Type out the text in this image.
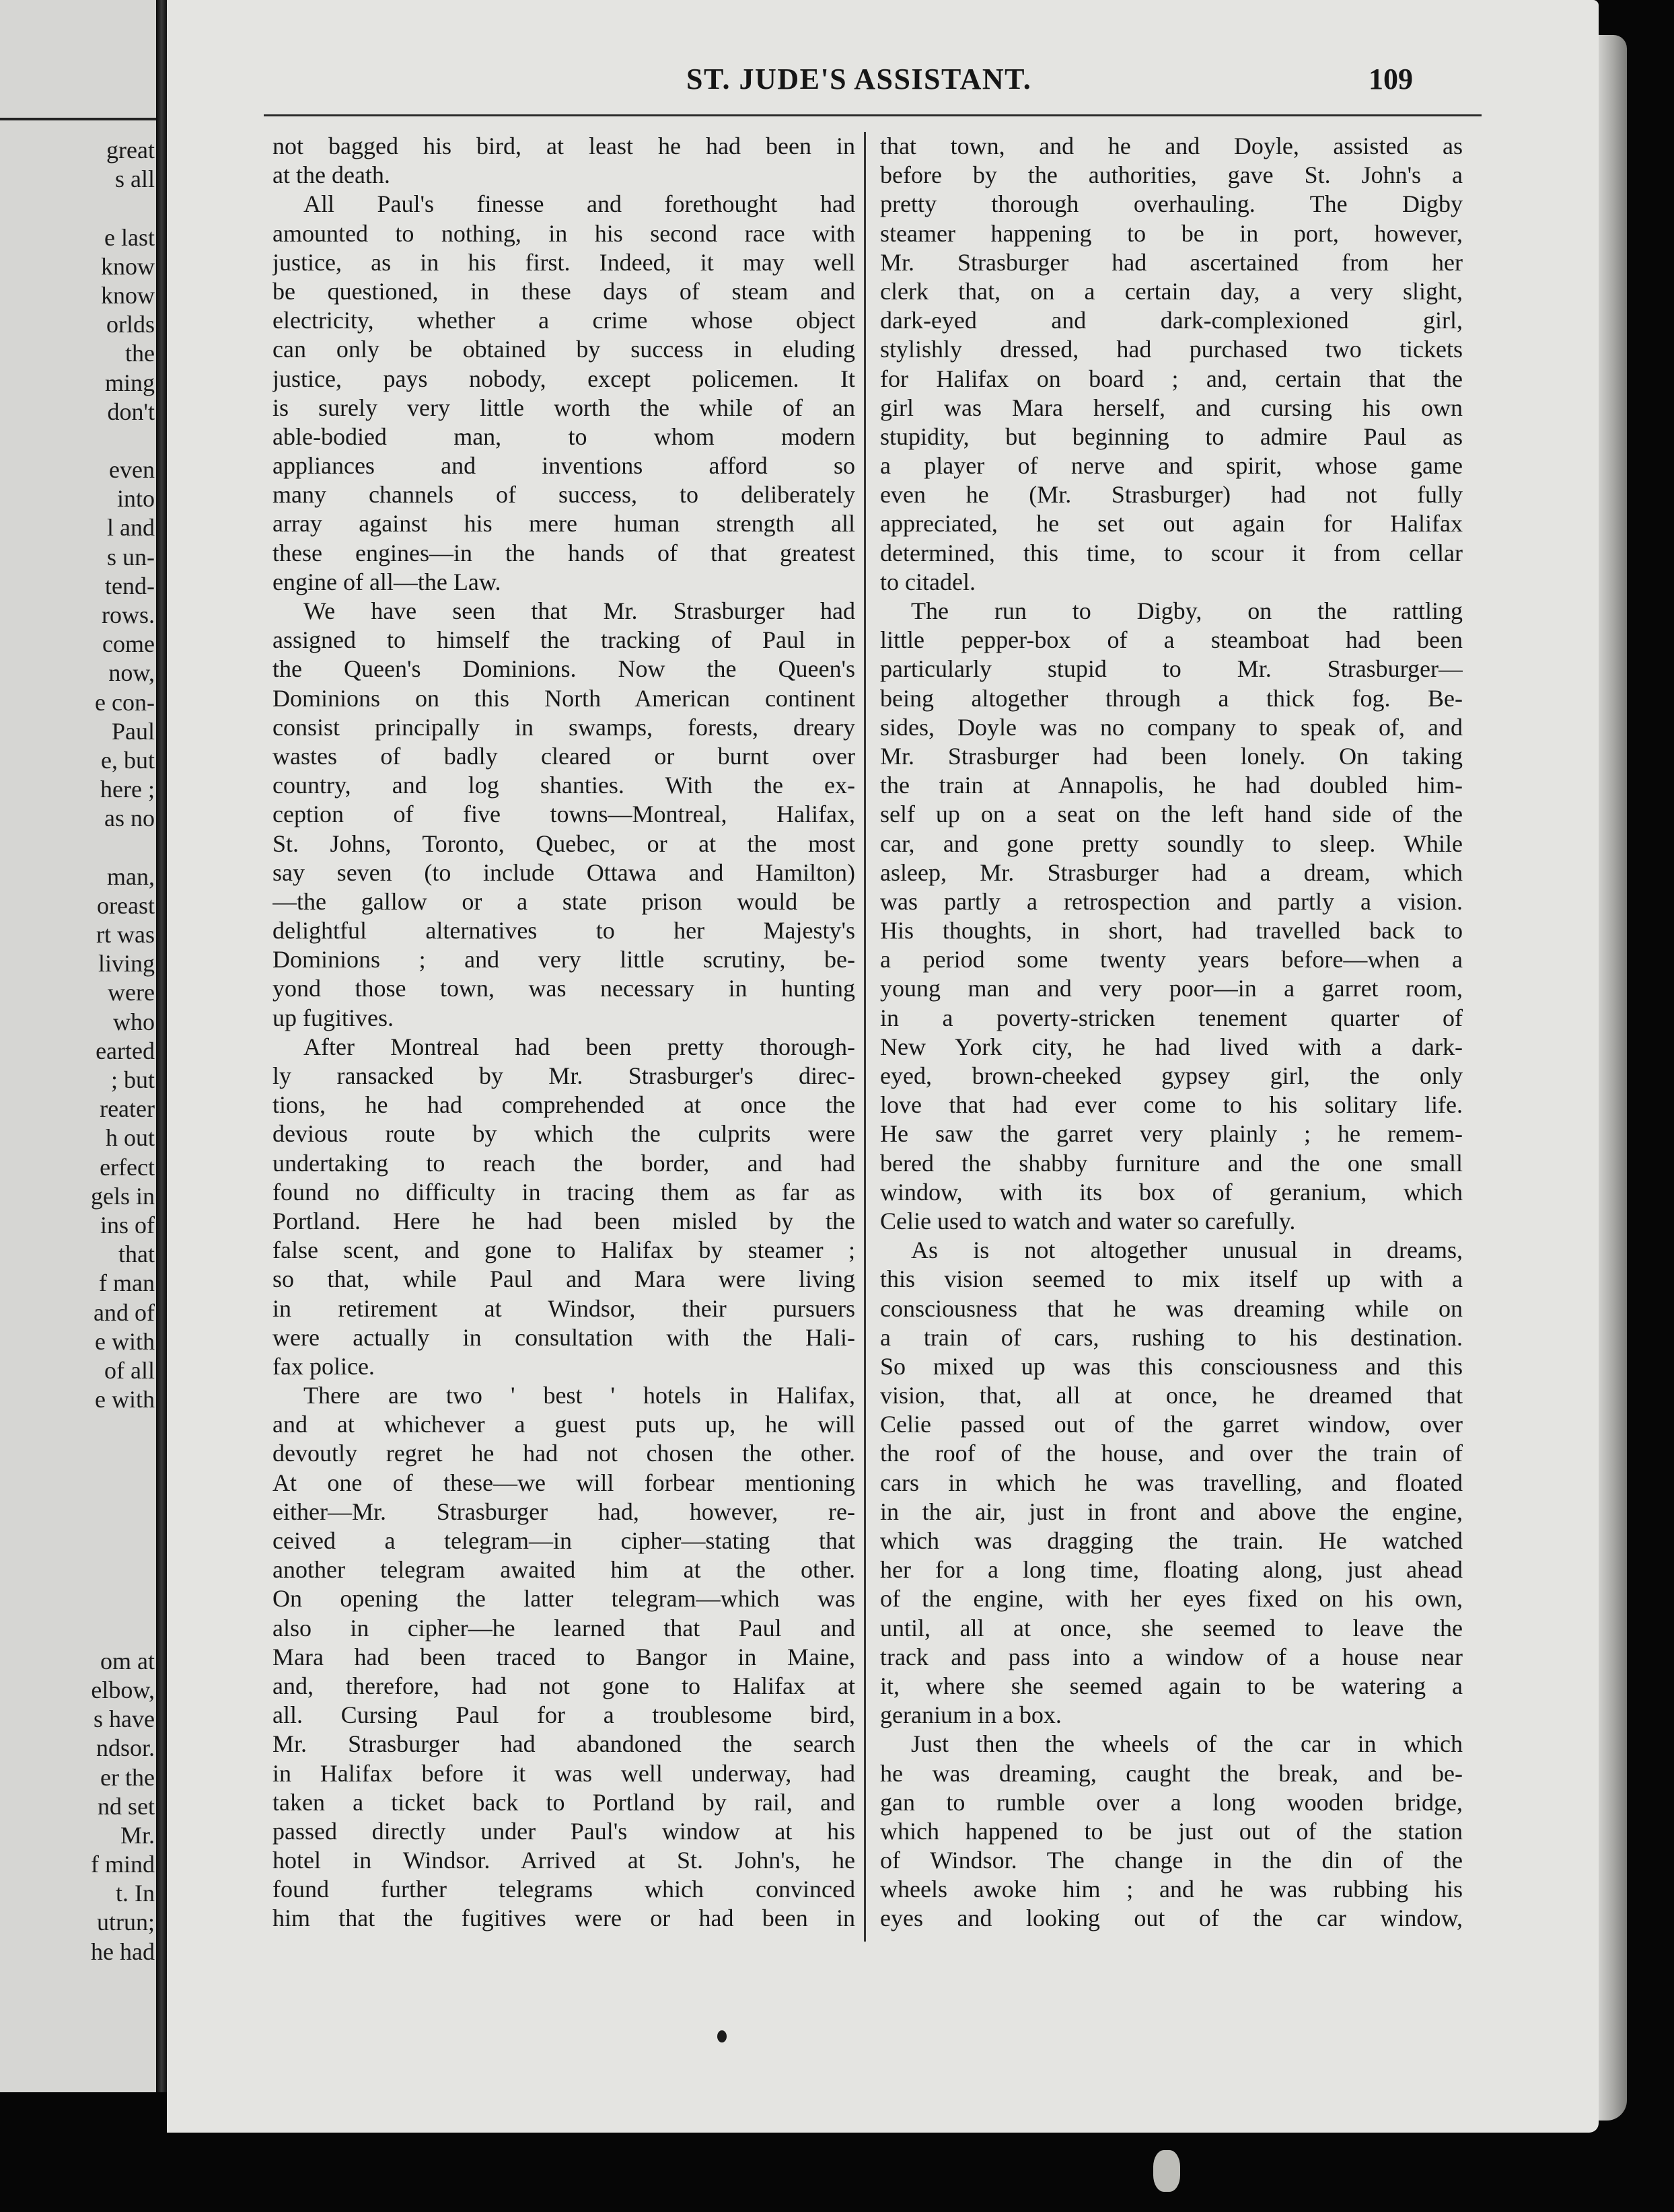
great
s all
e last
know
know
orlds
the
ming
don't
even
into
l and
s un-
tend-
rows.
come
now,
e con-
Paul
e, but
here ;
as no
man,
oreast
rt was
living
were
who
earted
; but
reater
h out
erfect
gels in
ins of
that
f man
and of
e with
of all
e with
om at
elbow,
s have
ndsor.
er the
nd set
Mr.
f mind
t. In
utrun;
he had
ST. JUDE'S ASSISTANT.	109
not bagged his bird, at least he had been in
at the death.
All Paul's finesse and forethought had
amounted to nothing, in his second race with
justice, as in his first. Indeed, it may well
be questioned, in these days of steam and
electricity, whether a crime whose object
can only be obtained by success in eluding
justice, pays nobody, except policemen. It
is surely very little worth the while of an
able-bodied man, to whom modern
appliances and inventions afford so
many channels of success, to deliberately
array against his mere human strength all
these engines—in the hands of that greatest
engine of all—the Law.
We have seen that Mr. Strasburger had
assigned to himself the tracking of Paul in
the Queen's Dominions. Now the Queen's
Dominions on this North American continent
consist principally in swamps, forests, dreary
wastes of badly cleared or burnt over
country, and log shanties. With the ex-
ception of five towns—Montreal, Halifax,
St. Johns, Toronto, Quebec, or at the most
say seven (to include Ottawa and Hamilton)
—the gallow or a state prison would be
delightful alternatives to her Majesty's
Dominions ; and very little scrutiny, be-
yond those town, was necessary in hunting
up fugitives.
After Montreal had been pretty thorough-
ly ransacked by Mr. Strasburger's direc-
tions, he had comprehended at once the
devious route by which the culprits were
undertaking to reach the border, and had
found no difficulty in tracing them as far as
Portland. Here he had been misled by the
false scent, and gone to Halifax by steamer ;
so that, while Paul and Mara were living
in retirement at Windsor, their pursuers
were actually in consultation with the Hali-
fax police.
There are two ' best ' hotels in Halifax,
and at whichever a guest puts up, he will
devoutly regret he had not chosen the other.
At one of these—we will forbear mentioning
either—Mr. Strasburger had, however, re-
ceived a telegram—in cipher—stating that
another telegram awaited him at the other.
On opening the latter telegram—which was
also in cipher—he learned that Paul and
Mara had been traced to Bangor in Maine,
and, therefore, had not gone to Halifax at
all. Cursing Paul for a troublesome bird,
Mr. Strasburger had abandoned the search
in Halifax before it was well underway, had
taken a ticket back to Portland by rail, and
passed directly under Paul's window at his
hotel in Windsor. Arrived at St. John's, he
found further telegrams which convinced
him that the fugitives were or had been in
that town, and he and Doyle, assisted as
before by the authorities, gave St. John's a
pretty thorough overhauling. The Digby
steamer happening to be in port, however,
Mr. Strasburger had ascertained from her
clerk that, on a certain day, a very slight,
dark-eyed and dark-complexioned girl,
stylishly dressed, had purchased two tickets
for Halifax on board ; and, certain that the
girl was Mara herself, and cursing his own
stupidity, but beginning to admire Paul as
a player of nerve and spirit, whose game
even he (Mr. Strasburger) had not fully
appreciated, he set out again for Halifax
determined, this time, to scour it from cellar
to citadel.
The run to Digby, on the rattling
little pepper-box of a steamboat had been
particularly stupid to Mr. Strasburger—
being altogether through a thick fog. Be-
sides, Doyle was no company to speak of, and
Mr. Strasburger had been lonely. On taking
the train at Annapolis, he had doubled him-
self up on a seat on the left hand side of the
car, and gone pretty soundly to sleep. While
asleep, Mr. Strasburger had a dream, which
was partly a retrospection and partly a vision.
His thoughts, in short, had travelled back to
a period some twenty years before—when a
young man and very poor—in a garret room,
in a poverty-stricken tenement quarter of
New York city, he had lived with a dark-
eyed, brown-cheeked gypsey girl, the only
love that had ever come to his solitary life.
He saw the garret very plainly ; he remem-
bered the shabby furniture and the one small
window, with its box of geranium, which
Celie used to watch and water so carefully.
As is not altogether unusual in dreams,
this vision seemed to mix itself up with a
consciousness that he was dreaming while on
a train of cars, rushing to his destination.
So mixed up was this consciousness and this
vision, that, all at once, he dreamed that
Celie passed out of the garret window, over
the roof of the house, and over the train of
cars in which he was travelling, and floated
in the air, just in front and above the engine,
which was dragging the train. He watched
her for a long time, floating along, just ahead
of the engine, with her eyes fixed on his own,
until, all at once, she seemed to leave the
track and pass into a window of a house near
it, where she seemed again to be watering a
geranium in a box.
Just then the wheels of the car in which
he was dreaming, caught the break, and be-
gan to rumble over a long wooden bridge,
which happened to be just out of the station
of Windsor. The change in the din of the
wheels awoke him ; and he was rubbing his
eyes and looking out of the car window,
